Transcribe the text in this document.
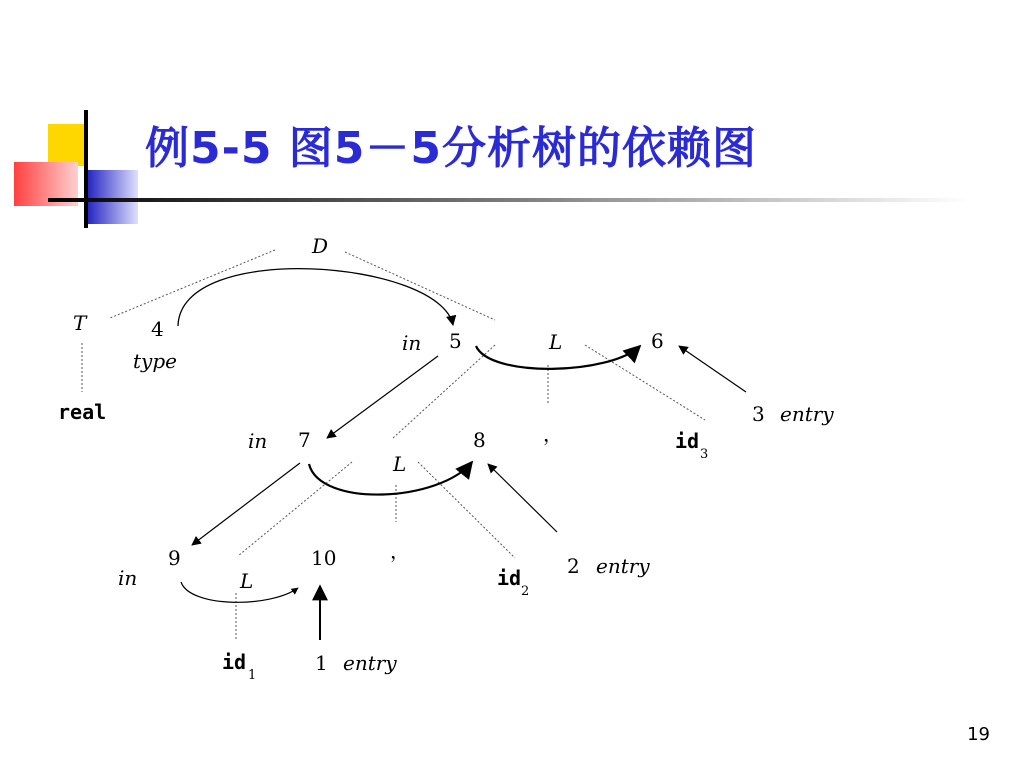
例5-5 图5－5分析树的依赖图
D
T	4
type
real
in 5	L	6
3 entry
，	id
3
in 7	8
L
9
in	L
10	，
id
2
2 entry
id
1
1 entry
19
